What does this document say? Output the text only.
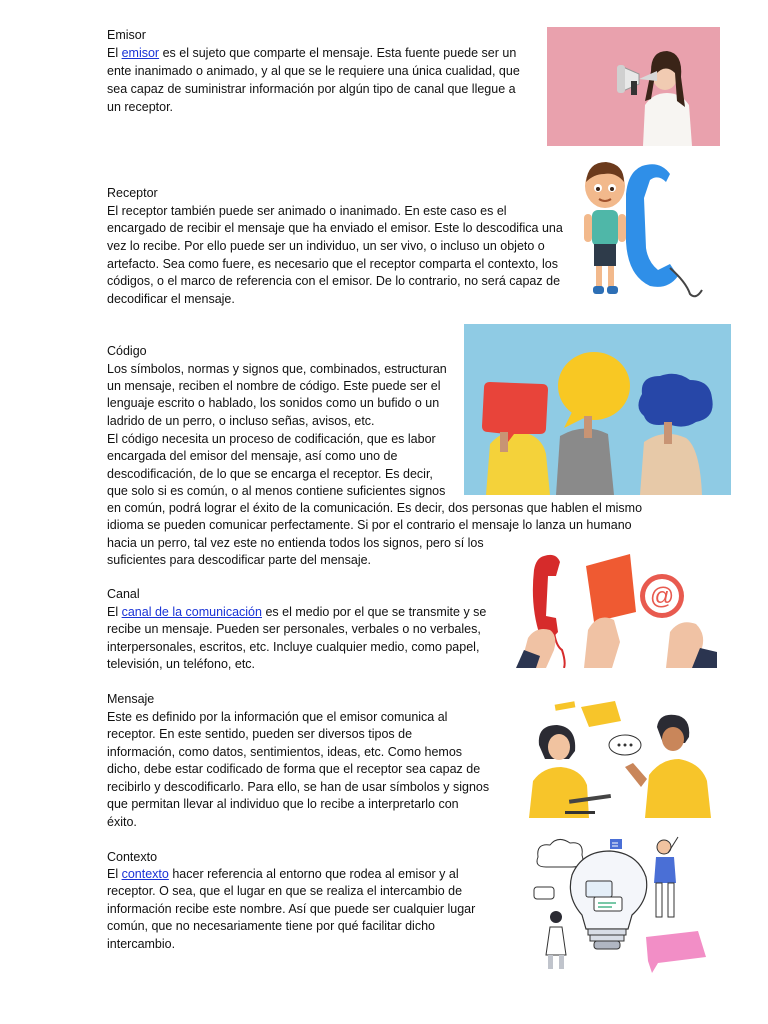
Emisor
El emisor es el sujeto que comparte el mensaje. Esta fuente puede ser un
ente inanimado o animado, y al que se le requiere una única cualidad, que
sea capaz de suministrar información por algún tipo de canal que llegue a
un receptor.
Receptor
El receptor también puede ser animado o inanimado. En este caso es el
encargado de recibir el mensaje que ha enviado el emisor. Este lo descodifica una
vez lo recibe. Por ello puede ser un individuo, un ser vivo, o incluso un objeto o
artefacto. Sea como fuere, es necesario que el receptor comparta el contexto, los
códigos, o el marco de referencia con el emisor. De lo contrario, no será capaz de
decodificar el mensaje.
Código
Los símbolos, normas y signos que, combinados, estructuran
un mensaje, reciben el nombre de código. Este puede ser el
lenguaje escrito o hablado, los sonidos como un bufido o un
ladrido de un perro, o incluso señas, avisos, etc.
El código necesita un proceso de codificación, que es labor
encargada del emisor del mensaje, así como uno de
descodificación, de lo que se encarga el receptor. Es decir,
que solo si es común, o al menos contiene suficientes signos
en común, podrá lograr el éxito de la comunicación. Es decir, dos personas que hablen el mismo
idioma se pueden comunicar perfectamente. Si por el contrario el mensaje lo lanza un humano
hacia un perro, tal vez este no entienda todos los signos, pero sí los
suficientes para descodificar parte del mensaje.
Canal
El canal de la comunicación es el medio por el que se transmite y se
recibe un mensaje. Pueden ser personales, verbales o no verbales,
interpersonales, escritos, etc. Incluye cualquier medio, como papel,
televisión, un teléfono, etc.
@
Mensaje
Este es definido por la información que el emisor comunica al
receptor. En este sentido, pueden ser diversos tipos de
información, como datos, sentimientos, ideas, etc. Como hemos
dicho, debe estar codificado de forma que el receptor sea capaz de
recibirlo y descodificarlo. Para ello, se han de usar símbolos y signos
que permitan llevar al individuo que lo recibe a interpretarlo con
éxito.
Contexto
El contexto hacer referencia al entorno que rodea al emisor y al
receptor. O sea, que el lugar en que se realiza el intercambio de
información recibe este nombre. Así que puede ser cualquier lugar
común, que no necesariamente tiene por qué facilitar dicho
intercambio.
